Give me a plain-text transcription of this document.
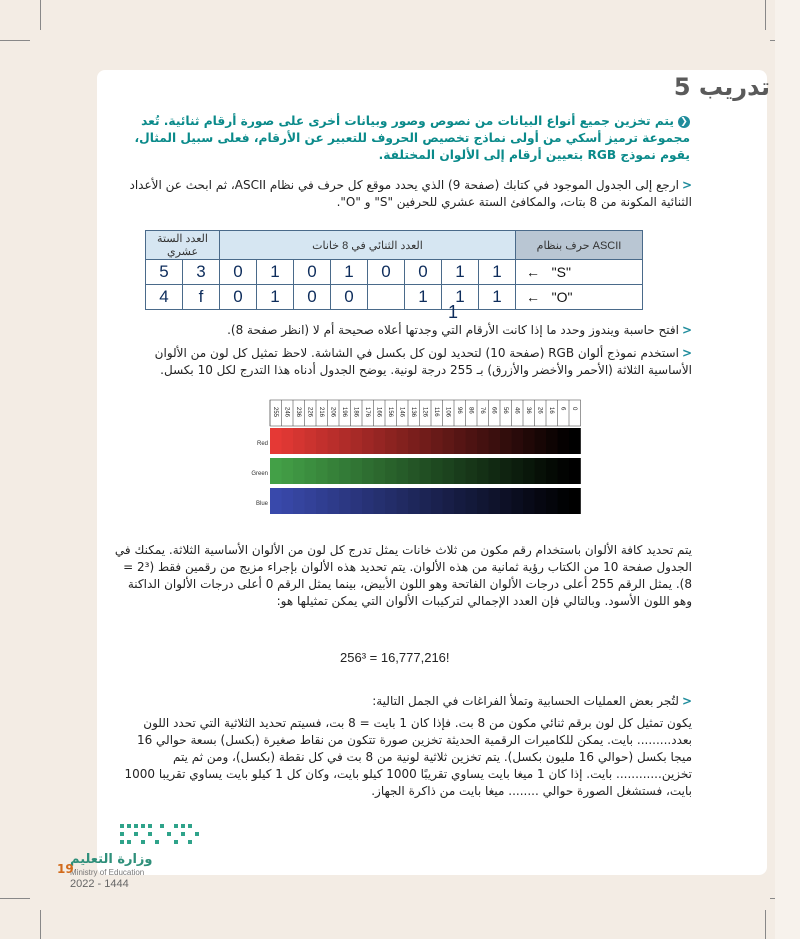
تدريب 5
❮يتم تخزين جميع أنواع البيانات من نصوص وصور وبيانات أخرى على صورة أرقام ثنائية. تُعد مجموعة ترميز أسكي من أولى نماذج تخصيص الحروف للتعبير عن الأرقام، فعلى سبيل المثال، يقوم نموذج RGB بتعيين أرقام إلى الألوان المختلفة.
<ارجع إلى الجدول الموجود في كتابك (صفحة 9) الذي يحدد موقع كل حرف في نظام ASCII، ثم ابحث عن الأعداد الثنائية المكونة من 8 بتات، والمكافئ الستة عشري للحرفين "S" و "O".
العدد الستة عشري		العدد الثنائي في 8 خانات								حرف بنظام ASCII
5	3	0	1	0	1	0	0	1	1	← "S"
4	f	0	1	0	0		1	1	1	← "O"
1
<افتح حاسبة ويندوز وحدد ما إذا كانت الأرقام التي وجدتها أعلاه صحيحة أم لا (انظر صفحة 8).
<استخدم نموذج ألوان RGB (صفحة 10) لتحديد لون كل بكسل في الشاشة. لاحظ تمثيل كل لون من الألوان الأساسية الثلاثة (الأحمر والأخضر والأزرق) بـ 255 درجة لونية. يوضح الجدول أدناه هذا التدرج لكل 10 بكسل.
255 246 236 226 216 206 196 186 176 166 156 146 136 126 116 106 96 86 76 66 56 46 36 26 16 6 0
Red
Green
Blue
يتم تحديد كافة الألوان باستخدام رقم مكون من ثلاث خانات يمثل تدرج كل لون من الألوان الأساسية الثلاثة. يمكنك في الجدول صفحة 10 من الكتاب رؤية ثمانية من هذه الألوان. يتم تحديد هذه الألوان بإجراء مزيج من رقمين فقط (2³ = 8). يمثل الرقم 255 أعلى درجات الألوان الفاتحة وهو اللون الأبيض، بينما يمثل الرقم 0 أعلى درجات الألوان الداكنة وهو اللون الأسود. وبالتالي فإن العدد الإجمالي لتركيبات الألوان التي يمكن تمثيلها هو:
256³ = 16,777,216!
<لتُجر بعض العمليات الحسابية وتملأ الفراغات في الجمل التالية:
يكون تمثيل كل لون برقم ثنائي مكون من 8 بت. فإذا كان 1 بايت = 8 بت، فسيتم تحديد الثلاثية التي تحدد اللون بعدد......... بايت. يمكن للكاميرات الرقمية الحديثة تخزين صورة تتكون من نقاط صغيرة (بكسل) بسعة حوالي 16 ميجا بكسل (حوالي 16 مليون بكسل). يتم تخزين ثلاثية لونية من 8 بت في كل نقطة (بكسل)، ومن ثم يتم تخزين............ بايت. إذا كان 1 ميغا بايت يساوي تقريبًا 1000 كيلو بايت، وكان كل 1 كيلو بايت يساوي تقريبا 1000 بايت، فستشغل الصورة حوالي ........ ميغا بايت من ذاكرة الجهاز.
وزارة التعليم
Ministry of Education
19
2022 - 1444
